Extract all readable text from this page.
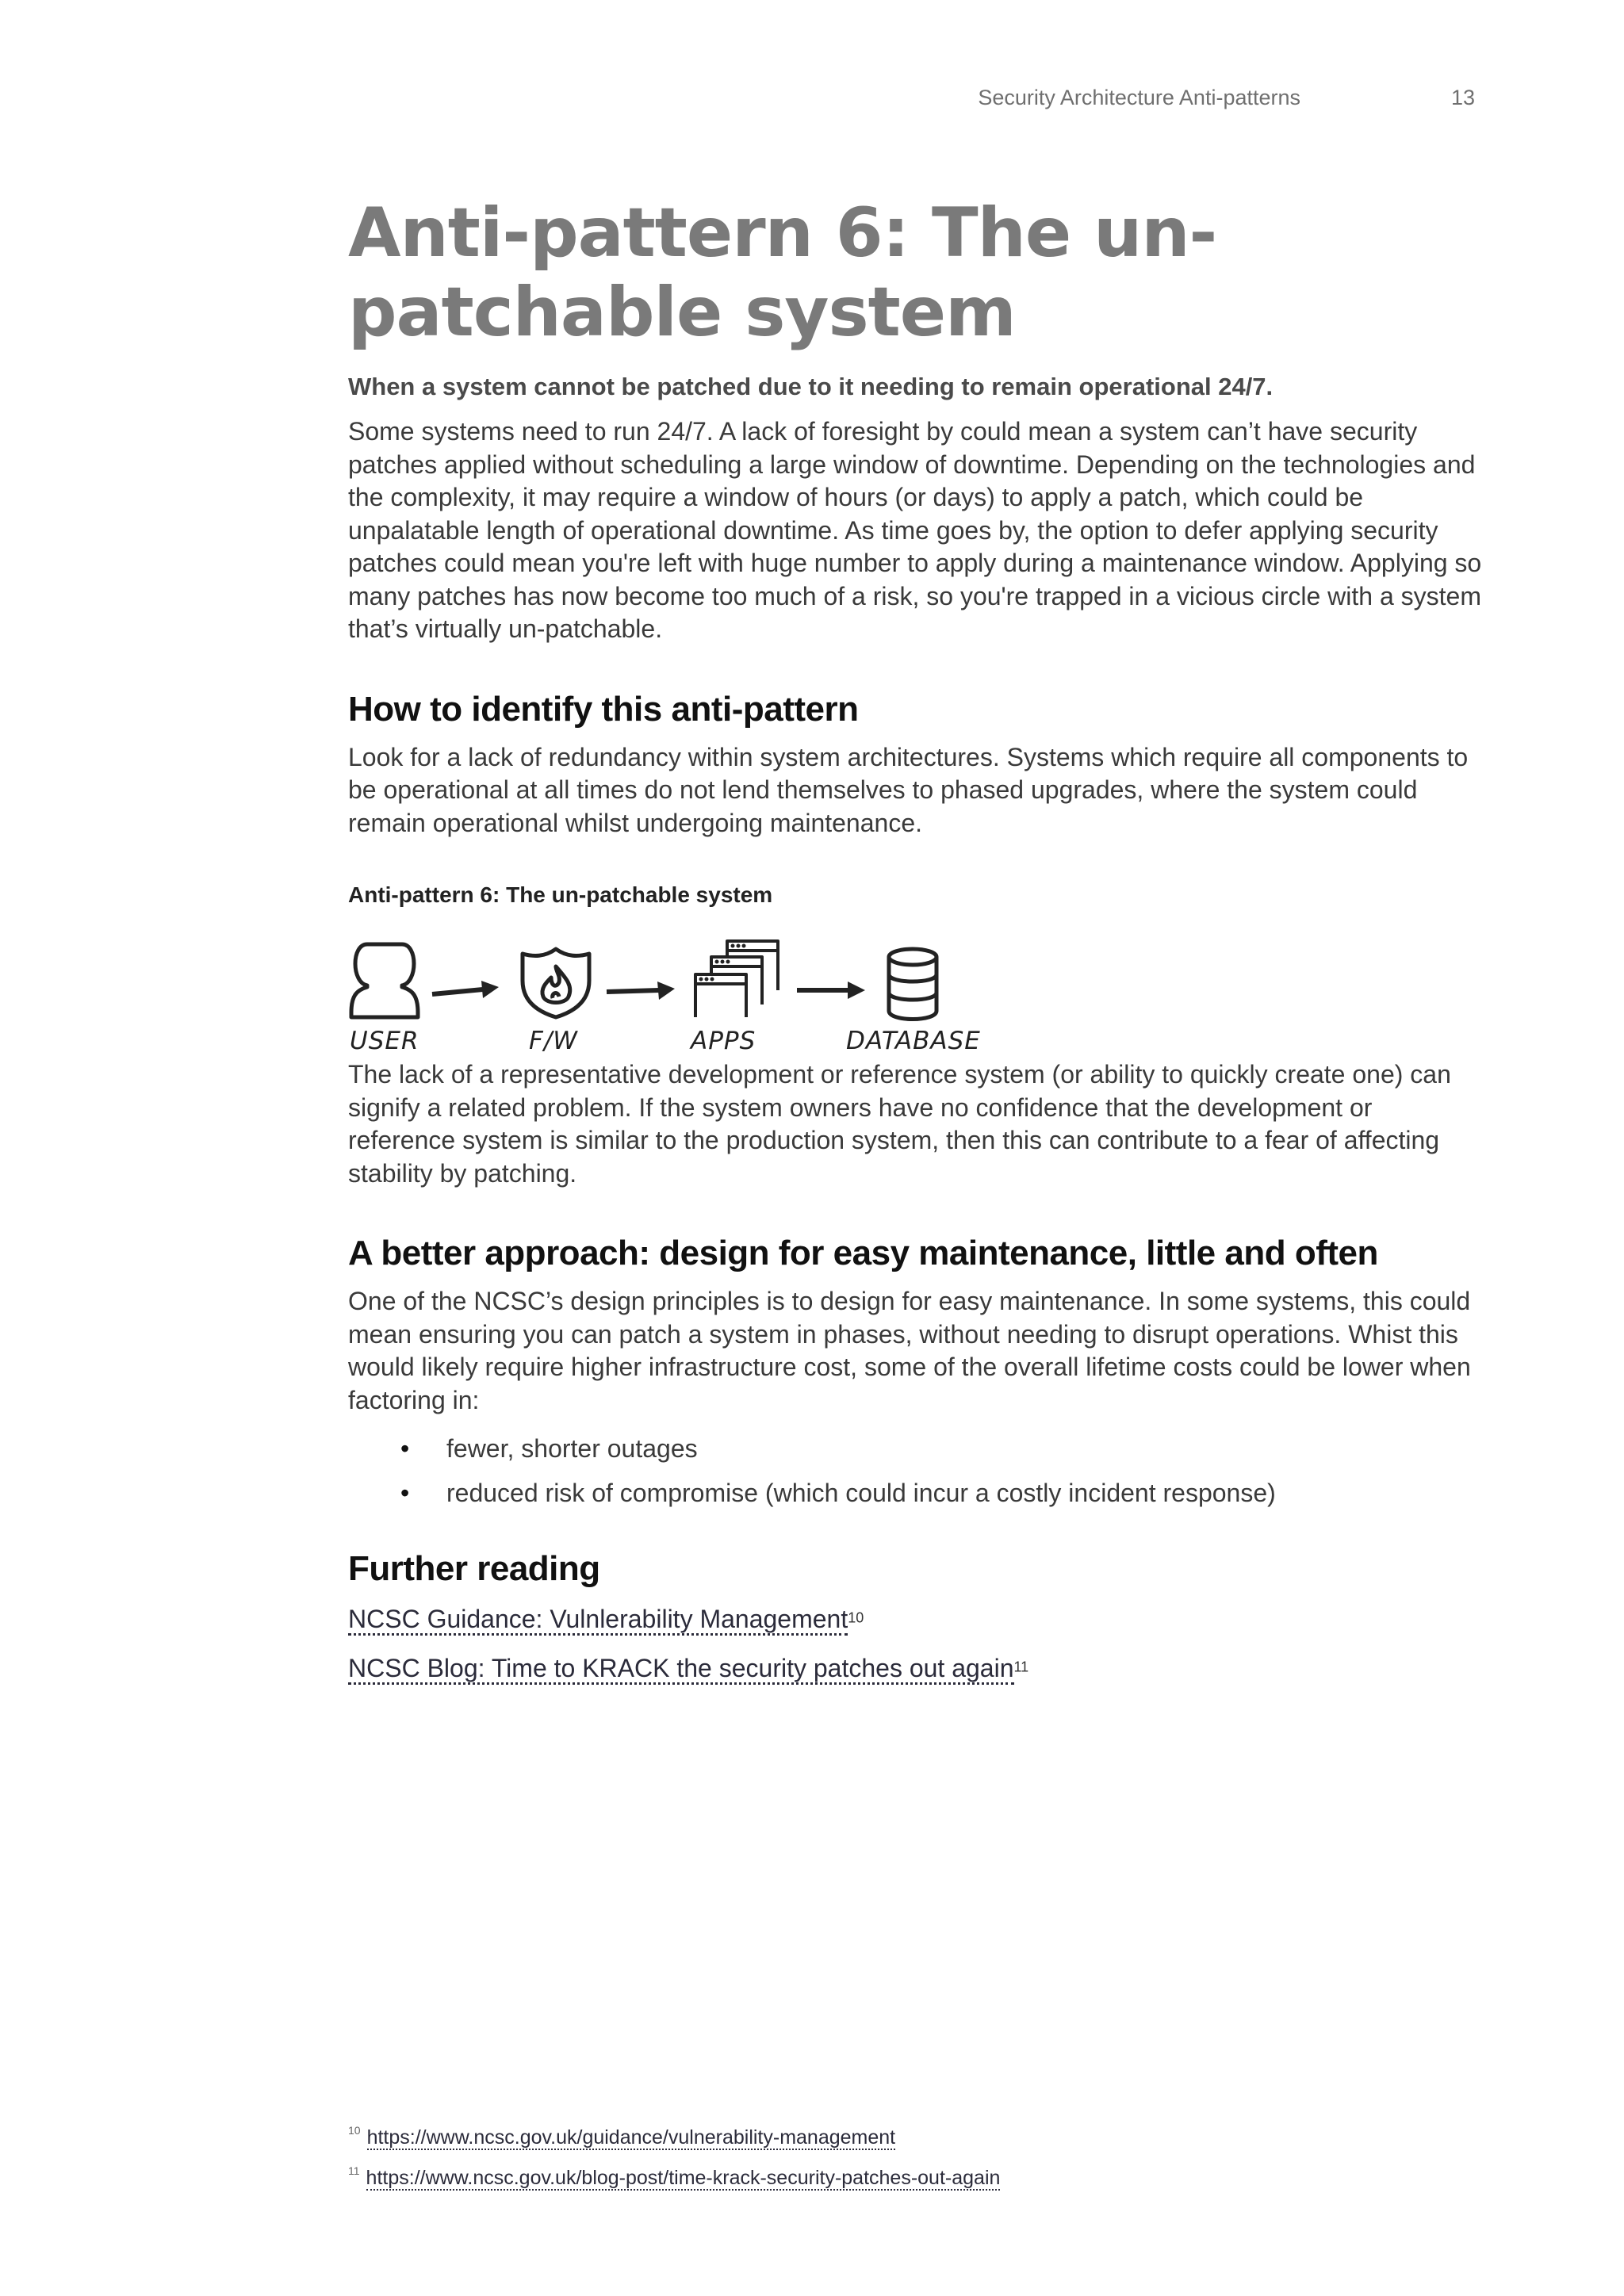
Security Architecture Anti-patterns	13
Anti-pattern 6: The un-patchable system
When a system cannot be patched due to it needing to remain operational 24/7.

Some systems need to run 24/7. A lack of foresight by could mean a system can’t have security patches applied without scheduling a large window of downtime. Depending on the technologies and the complexity, it may require a window of hours (or days) to apply a patch, which could be unpalatable length of operational downtime. As time goes by, the option to defer applying security patches could mean you're left with huge number to apply during a maintenance window. Applying so many patches has now become too much of a risk, so you're trapped in a vicious circle with a system that’s virtually un-patchable.

How to identify this anti-pattern

Look for a lack of redundancy within system architectures. Systems which require all components to be operational at all times do not lend themselves to phased upgrades, where the system could remain operational whilst undergoing maintenance.

Anti-pattern 6: The un-patchable system
USER	F/W	APPS	DATABASE

The lack of a representative development or reference system (or ability to quickly create one) can signify a related problem. If the system owners have no confidence that the development or reference system is similar to the production system, then this can contribute to a fear of affecting stability by patching.

A better approach: design for easy maintenance, little and often

One of the NCSC’s design principles is to design for easy maintenance. In some systems, this could mean ensuring you can patch a system in phases, without needing to disrupt operations. Whist this would likely require higher infrastructure cost, some of the overall lifetime costs could be lower when factoring in:

• fewer, shorter outages
• reduced risk of compromise (which could incur a costly incident response)
Further reading
NCSC Guidance: Vulnlerability Management$^{10}$
NCSC Blog: Time to KRACK the security patches out again$^{11}$
$^{10}$ https://www.ncsc.gov.uk/guidance/vulnerability-management
$^{11}$ https://www.ncsc.gov.uk/blog-post/time-krack-security-patches-out-again
